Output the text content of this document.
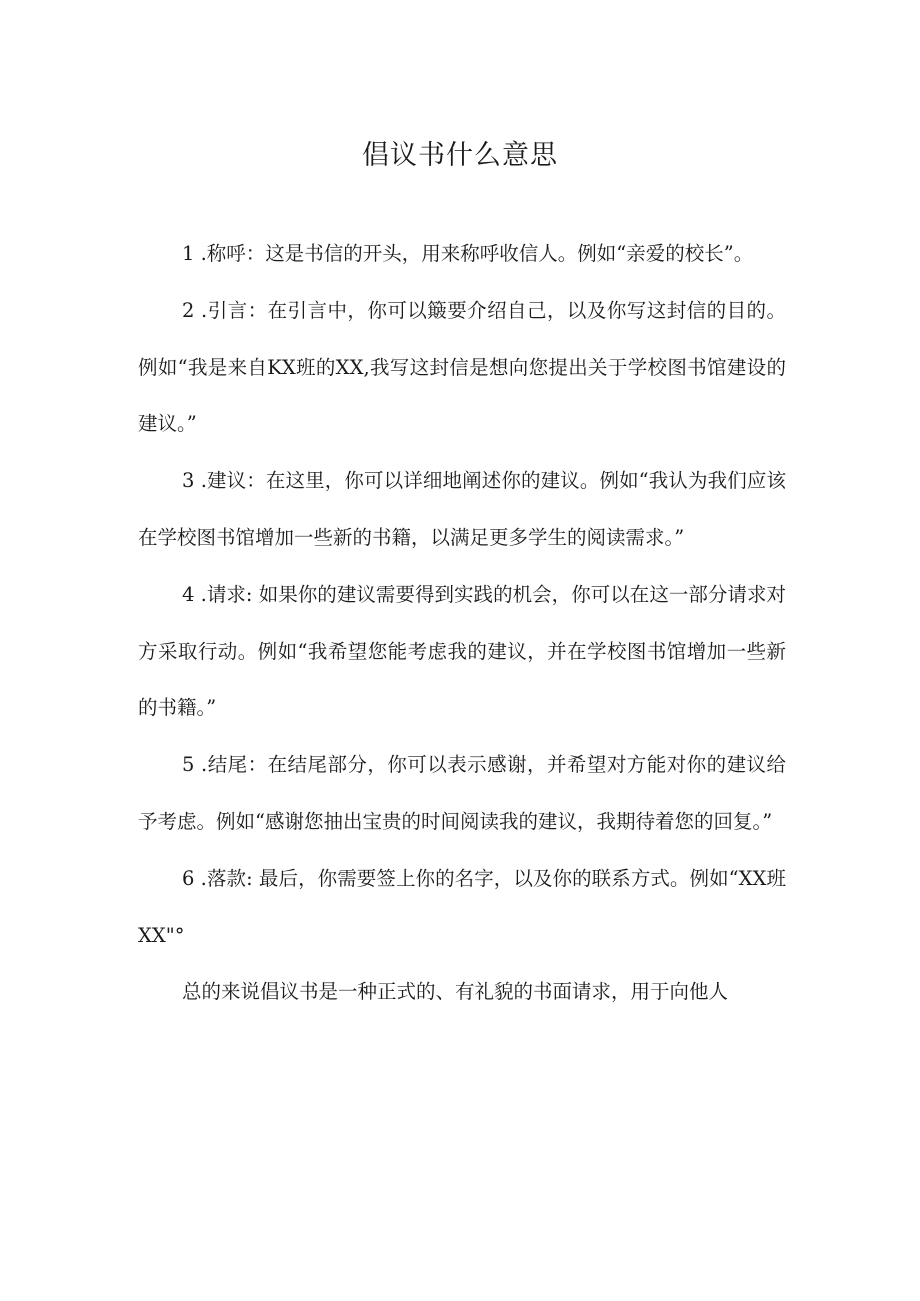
倡议书什么意思

1 .称呼：这是书信的开头，用来称呼收信人。例如“亲爱的校长”。

2 .引言：在引言中，你可以簸要介绍自己，以及你写这封信的目的。例如“我是来自KX班的XX,我写这封信是想向您提出关于学校图书馆建设的建议。”

3 .建议：在这里，你可以详细地阐述你的建议。例如“我认为我们应该在学校图书馆增加一些新的书籍，以满足更多学生的阅读需求。”

4 .请求: 如果你的建议需要得到实践的机会，你可以在这一部分请求对方采取行动。例如“我希望您能考虑我的建议，并在学校图书馆增加一些新的书籍。”

5 .结尾：在结尾部分，你可以表示感谢，并希望对方能对你的建议给予考虑。例如“感谢您抽出宝贵的时间阅读我的建议，我期待着您的回复。”

6 .落款: 最后，你需要签上你的名字，以及你的联系方式。例如“XX班XX"°

总的来说倡议书是一种正式的、有礼貌的书面请求，用于向他人
